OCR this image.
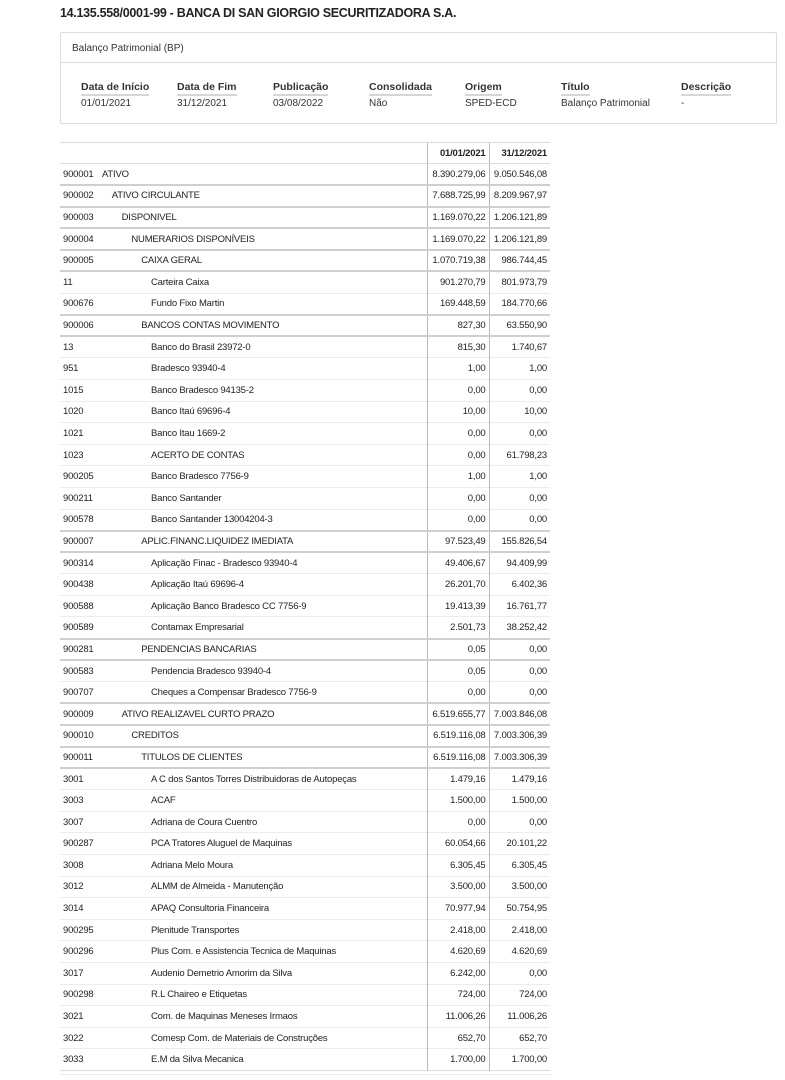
14.135.558/0001-99 - BANCA DI SAN GIORGIO SECURITIZADORA S.A.
Balanço Patrimonial (BP)
Data de Início
01/01/2021
Data de Fim
31/12/2021
Publicação
03/08/2022
Consolidada
Não
Origem
SPED-ECD
Título
Balanço Patrimonial
Descrição
-
		01/01/2021	31/12/2021
900001	ATIVO	8.390.279,06	9.050.546,08
900002	ATIVO CIRCULANTE	7.688.725,99	8.209.967,97
900003	DISPONIVEL	1.169.070,22	1.206.121,89
900004	NUMERARIOS DISPONÍVEIS	1.169.070,22	1.206.121,89
900005	CAIXA GERAL	1.070.719,38	986.744,45
11	Carteira Caixa	901.270,79	801.973,79
900676	Fundo Fixo Martin	169.448,59	184.770,66
900006	BANCOS CONTAS MOVIMENTO	827,30	63.550,90
13	Banco do Brasil 23972-0	815,30	1.740,67
951	Bradesco 93940-4	1,00	1,00
1015	Banco Bradesco 94135-2	0,00	0,00
1020	Banco Itaú 69696-4	10,00	10,00
1021	Banco Itau 1669-2	0,00	0,00
1023	ACERTO DE CONTAS	0,00	61.798,23
900205	Banco Bradesco 7756-9	1,00	1,00
900211	Banco Santander	0,00	0,00
900578	Banco Santander 13004204-3	0,00	0,00
900007	APLIC.FINANC.LIQUIDEZ IMEDIATA	97.523,49	155.826,54
900314	Aplicação Finac - Bradesco 93940-4	49.406,67	94.409,99
900438	Aplicação Itaú 69696-4	26.201,70	6.402,36
900588	Aplicação Banco Bradesco CC 7756-9	19.413,39	16.761,77
900589	Contamax Empresarial	2.501,73	38.252,42
900281	PENDENCIAS BANCARIAS	0,05	0,00
900583	Pendencia Bradesco 93940-4	0,05	0,00
900707	Cheques a Compensar Bradesco 7756-9	0,00	0,00
900009	ATIVO REALIZAVEL CURTO PRAZO	6.519.655,77	7.003.846,08
900010	CREDITOS	6.519.116,08	7.003.306,39
900011	TITULOS DE CLIENTES	6.519.116,08	7.003.306,39
3001	A C dos Santos Torres Distribuidoras de Autopeças	1.479,16	1.479,16
3003	ACAF	1.500,00	1.500,00
3007	Adriana de Coura Cuentro	0,00	0,00
900287	PCA Tratores Aluguel de Maquinas	60.054,66	20.101,22
3008	Adriana Melo Moura	6.305,45	6.305,45
3012	ALMM de Almeida - Manutenção	3.500,00	3.500,00
3014	APAQ Consultoria Financeira	70.977,94	50.754,95
900295	Plenitude Transportes	2.418,00	2.418,00
900296	Plus Com. e Assistencia Tecnica de Maquinas	4.620,69	4.620,69
3017	Audenio Demetrio Amorim da Silva	6.242,00	0,00
900298	R.L Chaireo e Etiquetas	724,00	724,00
3021	Com. de Maquinas Meneses Irmaos	11.006,26	11.006,26
3022	Comesp Com. de Materiais de Construções	652,70	652,70
3033	E.M da Silva Mecanica	1.700,00	1.700,00
